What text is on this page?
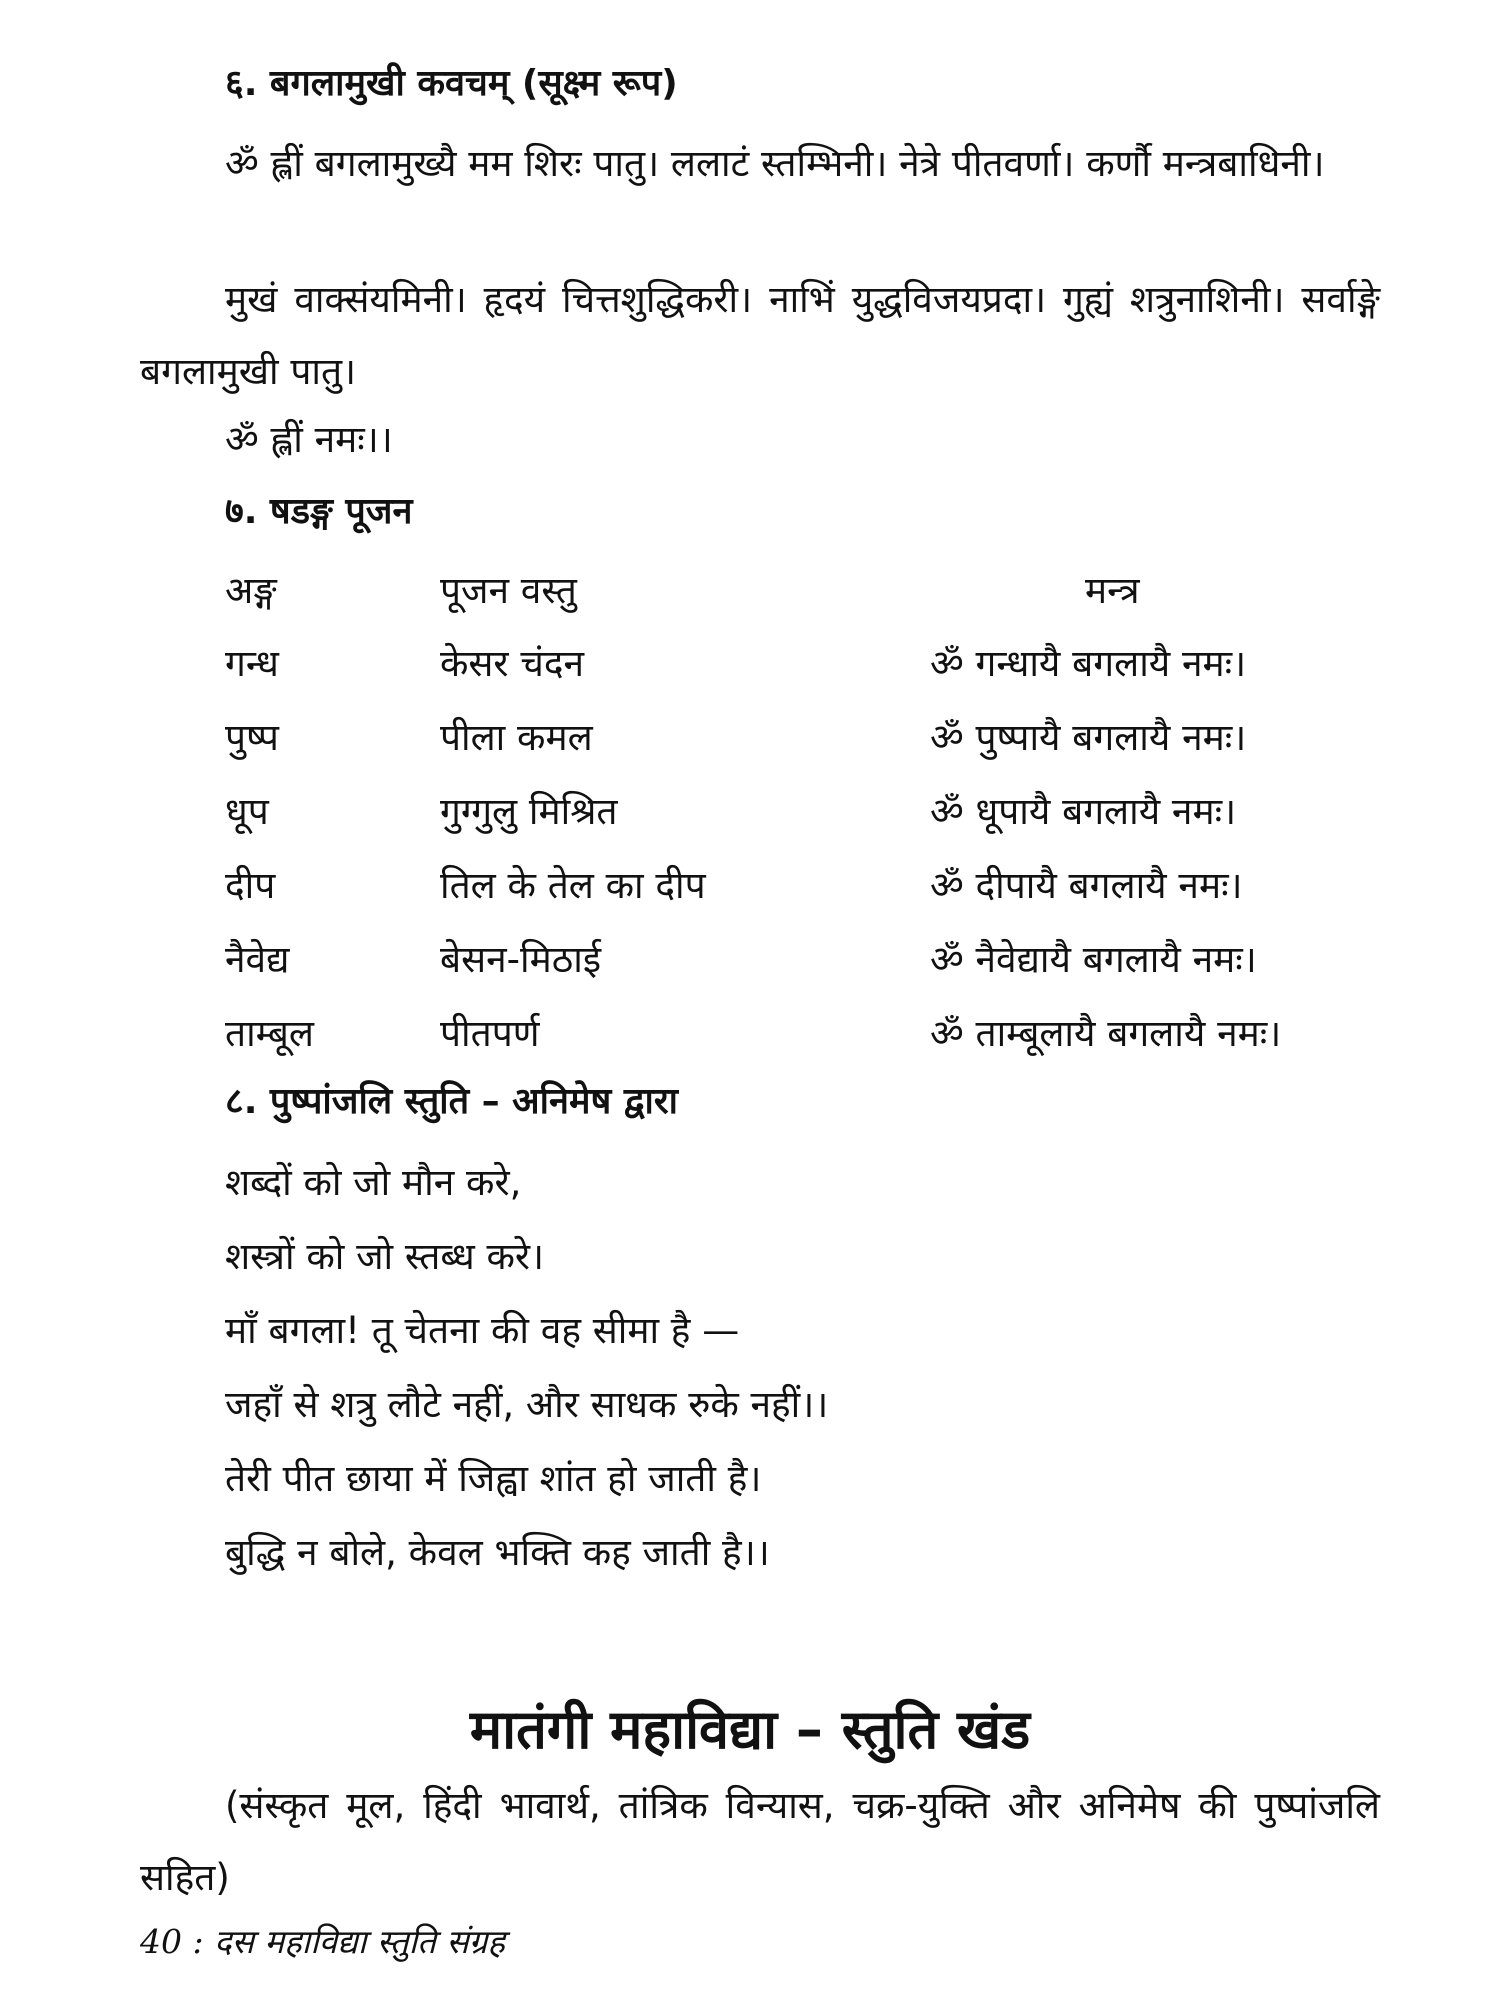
६. बगलामुखी कवचम् (सूक्ष्म रूप)
ॐ ह्लीं बगलामुख्यै मम शिरः पातु। ललाटं स्तम्भिनी। नेत्रे पीतवर्णा। कर्णौ मन्त्रबाधिनी।
मुखं वाक्संयमिनी। हृदयं चित्तशुद्धिकरी। नाभिं युद्धविजयप्रदा। गुह्यं शत्रुनाशिनी। सर्वाङ्गे बगलामुखी पातु।
ॐ ह्लीं नमः।।
७. षडङ्ग पूजन
अङ्ग	पूजन वस्तु	मन्त्र
गन्ध	केसर चंदन	ॐ गन्धायै बगलायै नमः।
पुष्प	पीला कमल	ॐ पुष्पायै बगलायै नमः।
धूप	गुग्गुलु मिश्रित	ॐ धूपायै बगलायै नमः।
दीप	तिल के तेल का दीप	ॐ दीपायै बगलायै नमः।
नैवेद्य	बेसन-मिठाई	ॐ नैवेद्यायै बगलायै नमः।
ताम्बूल	पीतपर्ण	ॐ ताम्बूलायै बगलायै नमः।
८. पुष्पांजलि स्तुति – अनिमेष द्वारा
शब्दों को जो मौन करे,
शस्त्रों को जो स्तब्ध करे।
माँ बगला! तू चेतना की वह सीमा है —
जहाँ से शत्रु लौटे नहीं, और साधक रुके नहीं।।
तेरी पीत छाया में जिह्वा शांत हो जाती है।
बुद्धि न बोले, केवल भक्ति कह जाती है।।
मातंगी महाविद्या – स्तुति खंड
(संस्कृत मूल, हिंदी भावार्थ, तांत्रिक विन्यास, चक्र-युक्ति और अनिमेष की पुष्पांजलि सहित)
40 : दस महाविद्या स्तुति संग्रह
